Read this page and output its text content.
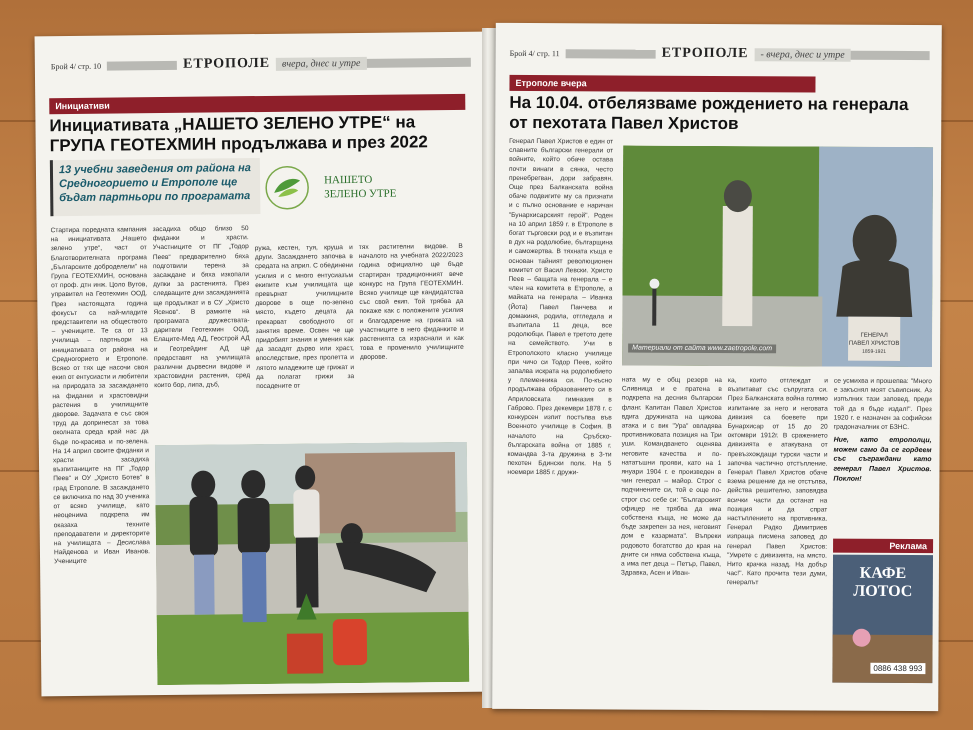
Брой 4/ стр. 10	ЕТРОПОЛЕ	вчера, днес и утре
Инициативи
Инициативата „НАШЕТО ЗЕЛЕНО УТРЕ“ на ГРУПА ГЕОТЕХМИН продължава и през 2022
13 учебни заведения от района на Средногорието и Етрополе ще бъдат партньори по програмата
НАШЕТО
ЗЕЛЕНО УТРЕ
Стартира поредната кампания на инициативата „Нашето зелено утре“, част от Благотворителната програма „Българските доброделели“ на Група ГЕОТЕХМИН, основана от проф. дтн инж. Цоло Вутов, управител на Геотехмин ООД. През настоящата година фокусът са най-младите представители на обществото – учениците. Те са от 13 училища – партньори на инициативата от района на Средногорието и Етрополе. Всяко от тях ще насочи своя екип от ентусиасти и любители на природата за засаждането на фиданки и храстовидни растения в училищните дворове. Задачата е със своя труд да допринесат за това околната среда край нас да бъде по-красива и по-зелена. На 14 април своите фиданки и храсти засадиха възпитаниците на ПГ „Тодор Пеев“ и ОУ „Христо Ботев“ в град Етрополе. В засаждането се включиха по над 30 ученика от всяко училище, като неоценима подкрепа им оказаха техните преподаватели и директорите на училищата – Десислава Найденова и Иван Иванов. Учениците
засадиха общо близо 50 фиданки и храсти. Участниците от ПГ „Тодор Пеев“ предварително бяха подготвили терена за засаждане и бяха изкопали дупки за растенията. През следващите дни засажданията ще продължат и в СУ „Христо Ясенов“. В рамките на програмата дружествата-дарители Геотехмин ООД, Елаците-Мед АД, Геострой АД и Геотрейдинг АД ще предоставят на училищата различни дървесни видове и храстовидни растения, сред които бор, липа, дъб,
ружа, кестен, туя, круша и други. Засаждането започва в средата на април. С обединени усилия и с много ентусиазъм екипите към училищата ще превърнат училищните дворове в още по-зелено място, където децата да прекарват свободното от занятия време. Освен че ще придобият знания и умения как да засадят дърво или храст, впоследствие, през пролетта и лятото младежите ще грижат и да полагат грижи за посадените от
тях растителни видове. В началото на учебната 2022/2023 година официално ще бъде стартиран традиционният вече конкурс на Група ГЕОТЕХМИН. Всяко училище ще кандидатства със свой екип. Той трябва да покаже как с положените усилия и благодарение на грижата на участниците в него фиданките и растенията са израснали и как това е променило училищните дворове.
Брой 4/ стр. 11	ЕТРОПОЛЕ	- вчера, днес и утре
Етрополе вчера
На 10.04. отбелязваме рождението на генерала от пехотата Павел Христов
Генерал Павел Христов е един от славните български генерали от войните, който обаче остава почти винаги в сянка, често пренебрегван, дори забравян. Още през Балканската война обаче подвигите му са признати и с пълно основание е наричан "Бунархисарският герой". Роден на 10 април 1859 г. в Етрополе в богат търговски род и е възпитан в дух на родолюбие, българщина и саможертва. В тяхната къща е основан тайният революционен комитет от Васил Левски. Христо Пеев – бащата на генерала – е член на комитета в Етрополе, а майката на генерала – Иванка (Йота) Павел Панчева и домакиня, родила, отгледала и възпитала 11 деца, все родолюбци. Павел е третото дете на семейството. Учи в Етрополското класно училище при чичо си Тодор Пеев, който запалва искрата на родолюбието у племенника си. По-късно продължава образованието си в Априловската гимназия в Габрово. През декември 1878 г. с конкурсен изпит постъпва във Военното училище в София. В началото на Сръбско-българската война от 1885 г. командва 3-та дружина в 3-ти пехотен Бдински полк. На 5 ноември 1885 г. дружи-
ГЕНЕРАЛ
ПАВЕЛ ХРИСТОВ
1859-1921
Материали от сайта www.zaetropole.com
ната му е общ резерв на Сливница и е пратена в подкрепа на десния български фланг. Капитан Павел Христов вдига дружината на щикова атака и с вик "Ура" овладява противниковата позиция на Три уши. Командването оценява неговите качества и по-нататъшни прояви, като на 1 януари 1904 г. е произведен в чин генерал – майор. Строг с подчинените си, той е още по-строг със себе си: "Българският офицер не трябва да има собствена къща, не може да бъде закрепен за нея, неговият дом е казармата". Въпреки родовото богатство до края на дните си няма собствена къща, а има пет деца – Петър, Павел, Здравка, Асен и Иван-
ка, които отглеждат и възпитават със съпругата си. През Балканската война голямо изпитание за него и неговата дивизия са боевете при Бунархисар от 15 до 20 октомври 1912г. В сражението дивизията е атакувана от превъзхождащи турски части и започва частично отстъпление. Генерал Павел Христов обаче взема решение да не отстъпва, действа решително, заповядва всички части да останат на позиция и да спрат настъплението на противника. Генерал Радко Димитриев изпраща писмена заповед до генерал Павел Христов: "Умрете с дивизията, на място. Нито крачка назад. На добър час!". Като прочита тези думи, генералът
се усмихва и прошепва: "Много е закъснял моят съвипсник. Аз изпълних тази заповед, преди той да я бъде издал!". През 1920 г. е назначен за софийски градоначалник от БЗНС.
Ние, като етрополци, можем само да се гордеем със съграждани като генерал Павел Христов. Поклон!
Реклама
КАФЕ
ЛОТОС
0886 438 993
